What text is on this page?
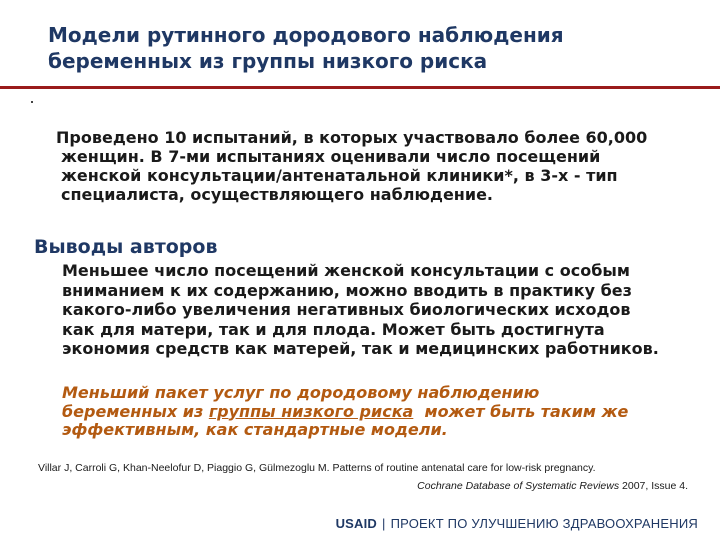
Модели рутинного дородового наблюдения
беременных из группы низкого риска
Проведено 10 испытаний, в которых участвовало более 60,000
женщин. В 7-ми испытаниях оценивали число посещений
женской консультации/антенатальной клиники*, в 3-х - тип
специалиста, осуществляющего наблюдение.
Выводы авторов
Меньшее число посещений женской консультации с особым
вниманием к их содержанию, можно вводить в практику без
какого-либо увеличения негативных биологических исходов
как для матери, так и для плода. Может быть достигнута
экономия средств как матерей, так и медицинских работников.
Меньший пакет услуг по дородовому наблюдению
беременных из группы низкого риска  может быть таким же
эффективным, как стандартные модели.
Villar J, Carroli G, Khan-Neelofur D, Piaggio G, Gülmezoglu M. Patterns of routine antenatal care for low-risk pregnancy.
Cochrane Database of Systematic Reviews 2007, Issue 4.
USAID | ПРОЕКТ ПО УЛУЧШЕНИЮ ЗДРАВООХРАНЕНИЯ
